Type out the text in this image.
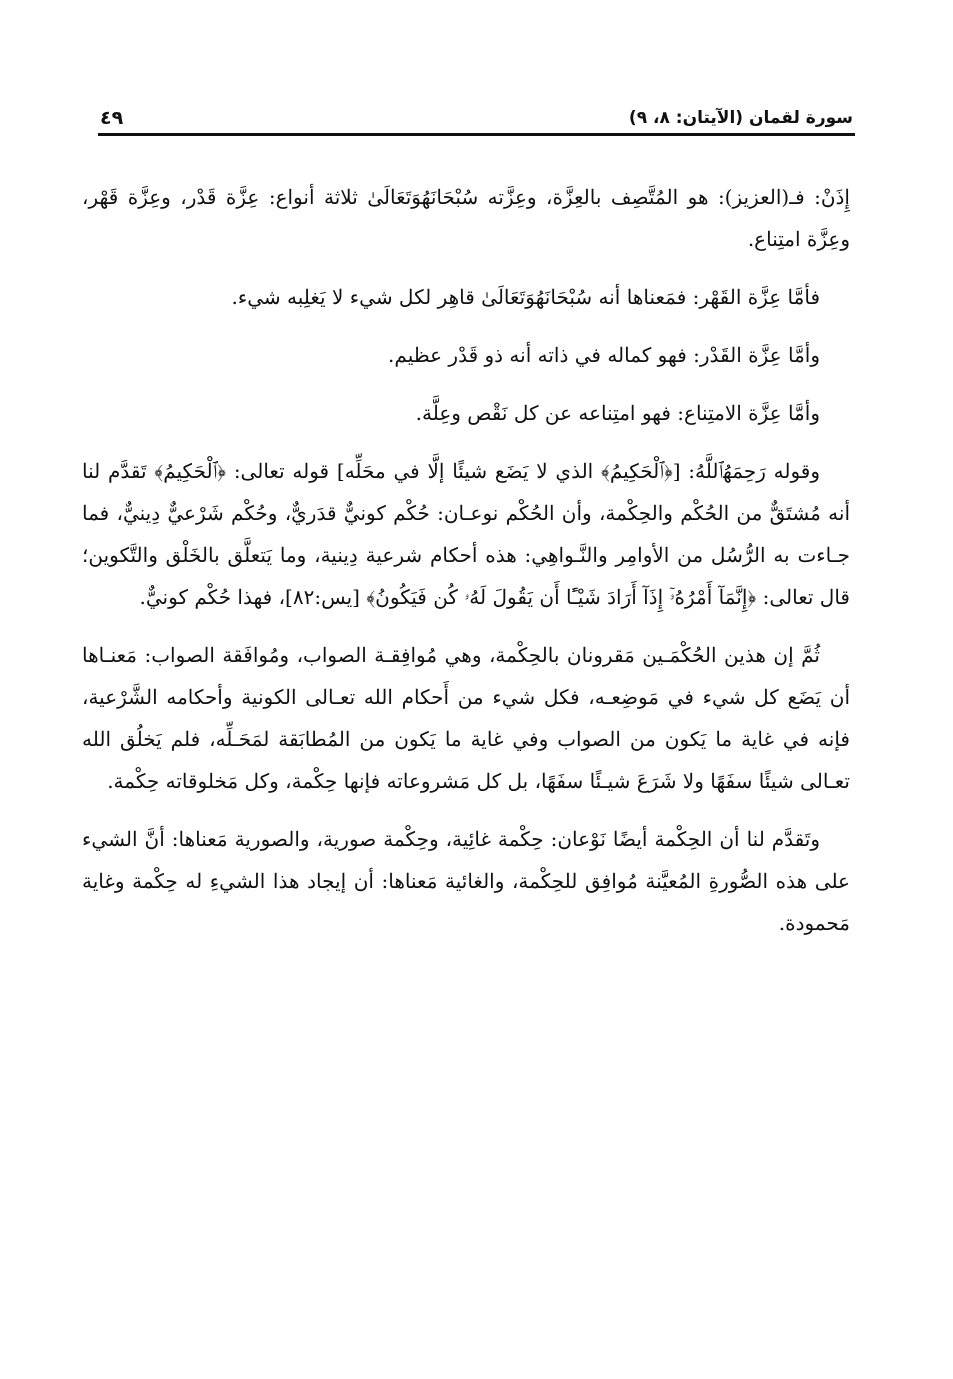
سورة لقمان (الآيتان: ٨، ٩)
٤٩

إِذَنْ: فـ(العزيز): هو المُتَّصِف بالعِزَّة، وعِزَّته سُبْحَانَهُوَتَعَالَىٰ ثلاثة أنواع: عِزَّة قَدْر، وعِزَّة قَهْر، وعِزَّة امتِناع.

فأمَّا عِزَّة القَهْر: فمَعناها أنه سُبْحَانَهُوَتَعَالَىٰ قاهِر لكل شيء لا يَغلِبه شيء.

وأمَّا عِزَّة القَدْر: فهو كماله في ذاته أنه ذو قَدْر عظيم.

وأمَّا عِزَّة الامتِناع: فهو امتِناعه عن كل نَقْص وعِلَّة.

وقوله رَحِمَهُٱللَّهُ: [﴿ٱلْحَكِيمُ﴾ الذي لا يَضَع شيئًا إلَّا في محَلِّه] قوله تعالى: ﴿ٱلْحَكِيمُ﴾ تَقدَّم لنا أنه مُشتَقٌّ من الحُكْم والحِكْمة، وأن الحُكْم نوعـان: حُكْم كونيٌّ قدَريٌّ، وحُكْم شَرْعيٌّ دِينيٌّ، فما جـاءت به الرُّسُل من الأوامِر والنَّـواهِي: هذه أحكام شرعية دِينية، وما يَتعلَّق بالخَلْق والتَّكوين؛ قال تعالى: ﴿إِنَّمَآ أَمْرُهُۥٓ إِذَآ أَرَادَ شَيْـًٔا أَن يَقُولَ لَهُۥ كُن فَيَكُونُ﴾ [يس:٨٢]، فهذا حُكْم كونيٌّ.

ثُمَّ إن هذين الحُكْمَـين مَقرونان بالحِكْمة، وهي مُوافِقـة الصواب، ومُوافَقة الصواب: مَعنـاها أن يَضَع كل شيء في مَوضِعـه، فكل شيء من أَحكام الله تعـالى الكونية وأحكامه الشَّرْعية، فإنه في غاية ما يَكون من الصواب وفي غاية ما يَكون من المُطابَقة لمَحَـلِّه، فلم يَخلُق الله تعـالى شيئًا سفَهًا ولا شَرَعَ شيـئًا سفَهًا، بل كل مَشروعاته فإنها حِكْمة، وكل مَخلوقاته حِكْمة.

وتَقدَّم لنا أن الحِكْمة أيضًا نَوْعان: حِكْمة غائِية، وحِكْمة صورية، والصورية مَعناها: أنَّ الشيء على هذه الصُّورةِ المُعيَّنة مُوافِق للحِكْمة، والغائية مَعناها: أن إيجاد هذا الشيءِ له حِكْمة وغاية مَحمودة.
